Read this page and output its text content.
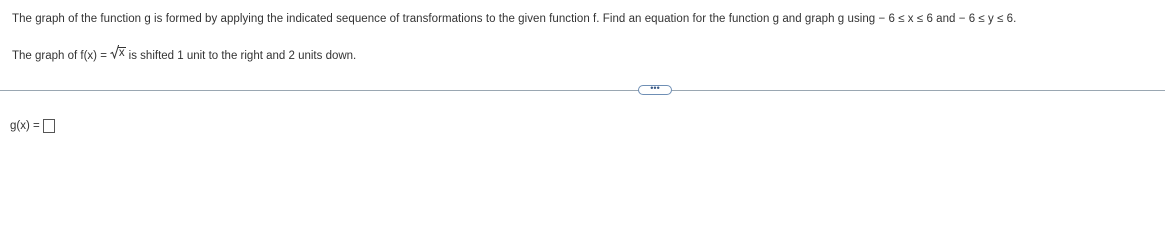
The graph of the function g is formed by applying the indicated sequence of transformations to the given function f. Find an equation for the function g and graph g using − 6 ≤ x ≤ 6 and − 6 ≤ y ≤ 6.
The graph of f(x) = x is shifted 1 unit to the right and 2 units down.
•••
g(x) =
